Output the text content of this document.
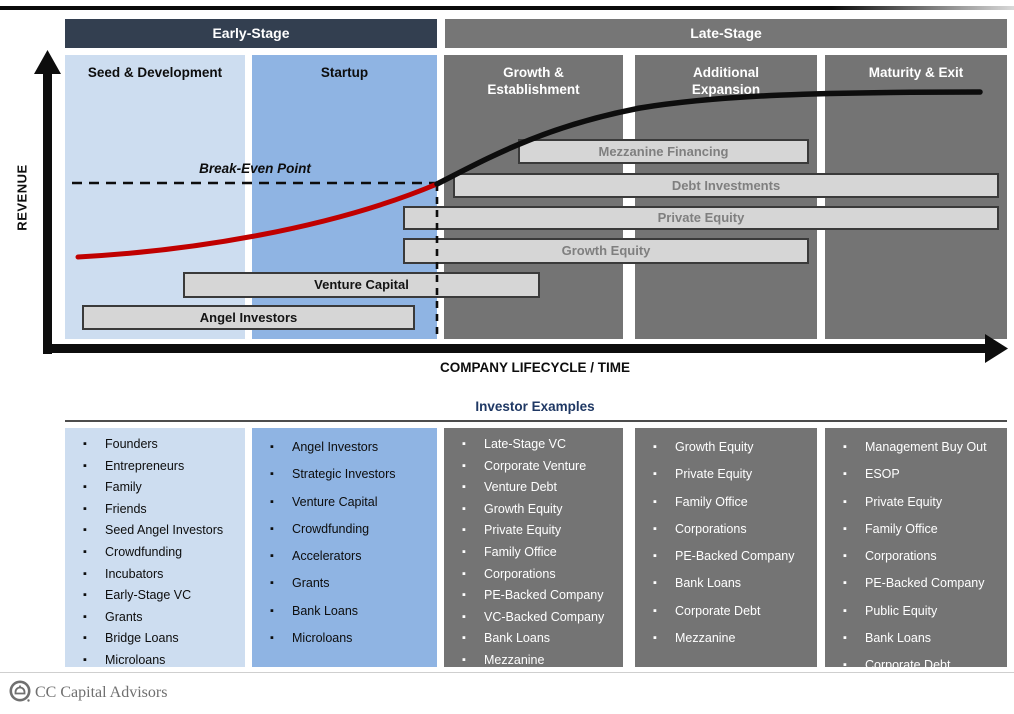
Early-Stage	Late-Stage
REVENUE
Seed & Development	Startup	Growth & Establishment
Additional Expansion
Maturity & Exit
Mezzanine Financing
Debt Investments
Private Equity
Growth Equity
Venture Capital
Angel Investors
Break-Even Point
COMPANY LIFECYCLE / TIME
Investor Examples
▪ Founders
▪ Entrepreneurs
▪ Family
▪ Friends
▪ Seed Angel Investors
▪ Crowdfunding
▪ Incubators
▪ Early-Stage VC
▪ Grants
▪ Bridge Loans
▪ Microloans
▪ Angel Investors
▪ Strategic Investors
▪ Venture Capital
▪ Crowdfunding
▪ Accelerators
▪ Grants
▪ Bank Loans
▪ Microloans
▪ Late-Stage VC
▪ Corporate Venture
▪ Venture Debt
▪ Growth Equity
▪ Private Equity
▪ Family Office
▪ Corporations
▪ PE-Backed Company
▪ VC-Backed Company
▪ Bank Loans
▪ Mezzanine
▪ Growth Equity
▪ Private Equity
▪ Family Office
▪ Corporations
▪ PE-Backed Company
▪ Bank Loans
▪ Corporate Debt
▪ Mezzanine
▪ Management Buy Out
▪ ESOP
▪ Private Equity
▪ Family Office
▪ Corporations
▪ PE-Backed Company
▪ Public Equity
▪ Bank Loans
▪ Corporate Debt
CC Capital Advisors
